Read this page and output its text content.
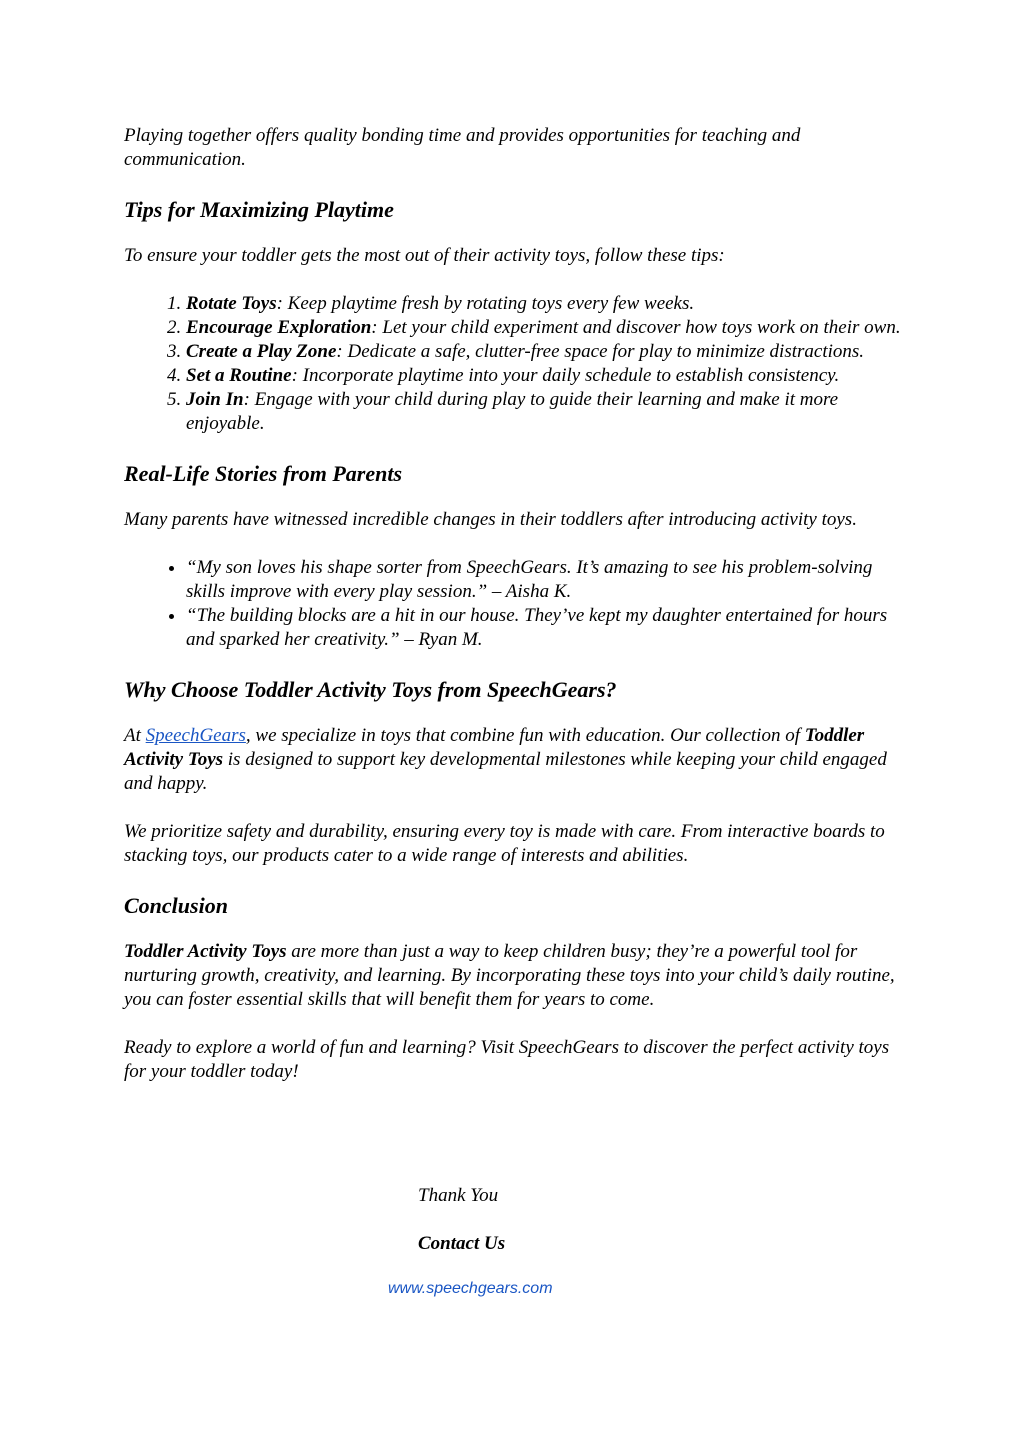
Playing together offers quality bonding time and provides opportunities for teaching and communication.

Tips for Maximizing Playtime

To ensure your toddler gets the most out of their activity toys, follow these tips:

1. Rotate Toys: Keep playtime fresh by rotating toys every few weeks.
2. Encourage Exploration: Let your child experiment and discover how toys work on their own.
3. Create a Play Zone: Dedicate a safe, clutter-free space for play to minimize distractions.
4. Set a Routine: Incorporate playtime into your daily schedule to establish consistency.
5. Join In: Engage with your child during play to guide their learning and make it more enjoyable.
Real-Life Stories from Parents

Many parents have witnessed incredible changes in their toddlers after introducing activity toys.

• “My son loves his shape sorter from SpeechGears. It’s amazing to see his problem-solving skills improve with every play session.” – Aisha K.
• “The building blocks are a hit in our house. They’ve kept my daughter entertained for hours and sparked her creativity.” – Ryan M.
Why Choose Toddler Activity Toys from SpeechGears?

At SpeechGears, we specialize in toys that combine fun with education. Our collection of Toddler Activity Toys is designed to support key developmental milestones while keeping your child engaged and happy.

We prioritize safety and durability, ensuring every toy is made with care. From interactive boards to stacking toys, our products cater to a wide range of interests and abilities.

Conclusion

Toddler Activity Toys are more than just a way to keep children busy; they’re a powerful tool for nurturing growth, creativity, and learning. By incorporating these toys into your child’s daily routine, you can foster essential skills that will benefit them for years to come.

Ready to explore a world of fun and learning? Visit SpeechGears to discover the perfect activity toys for your toddler today!

Thank You
Contact Us
www.speechgears.com
